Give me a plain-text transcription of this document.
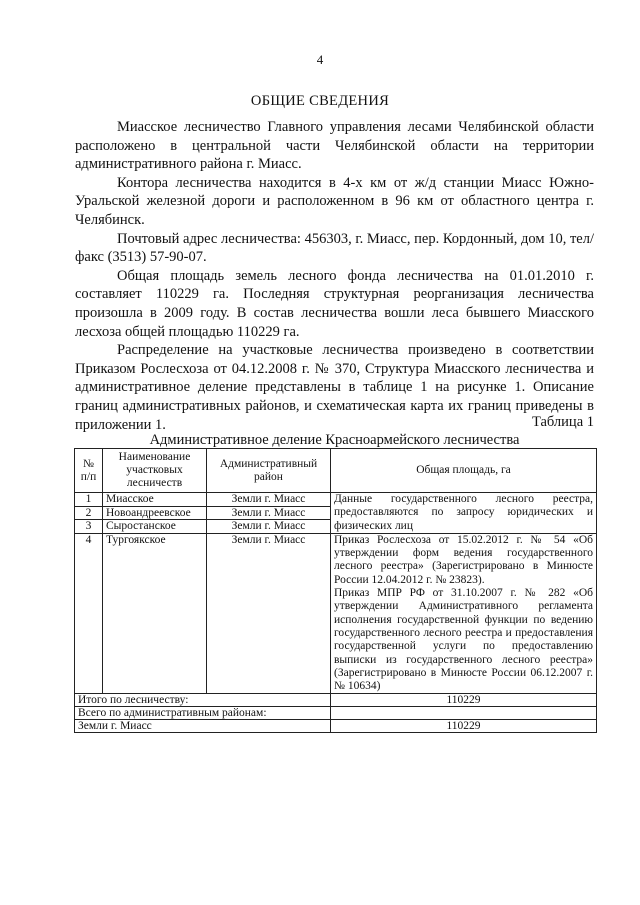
4
ОБЩИЕ СВЕДЕНИЯ

Миасское лесничество Главного управления лесами Челябинской области расположено в центральной части Челябинской области на территории административного района г. Миасс.

Контора лесничества находится в 4-х км от ж/д станции Миасс Южно-Уральской железной дороги и расположенном в 96 км от областного центра г. Челябинск.

Почтовый адрес лесничества: 456303, г. Миасс, пер. Кордонный, дом 10, тел/факс (3513) 57-90-07.

Общая площадь земель лесного фонда лесничества на 01.01.2010 г. составляет 110229 га. Последняя структурная реорганизация лесничества произошла в 2009 году. В состав лесничества вошли леса бывшего Миасского лесхоза общей площадью 110229 га.

Распределение на участковые лесничества произведено в соответствии Приказом Рослесхоза от 04.12.2008 г. № 370, Структура Миасского лесничества и административное деление представлены в таблице 1 на рисунке 1. Описание границ административных районов, и схематическая карта их границ приведены в приложении 1.	Таблица 1
Административное деление Красноармейского лесничества
№ п/п	Наименование участковых лесничеств	Административный район	Общая площадь, га
1	Миасское	Земли г. Миасс	Данные государственного лесного реестра, предоставляются по запросу юридических и физических лиц
2	Новоандреевское	Земли г. Миасс	
3	Сыростанское	Земли г. Миасс	
4	Тургоякское	Земли г. Миасс	Приказ Рослесхоза от 15.02.2012 г. № 54 «Об утверждении форм ведения государственного лесного реестра» (Зарегистрировано в Минюсте России 12.04.2012 г. № 23823).
Приказ МПР РФ от 31.10.2007 г. № 282 «Об утверждении Административного регламента исполнения государственной функции по ведению государственного лесного реестра и предоставления государственной услуги по предоставлению выписки из государственного лесного реестра» (Зарегистрировано в Минюсте России 06.12.2007 г. № 10634)

Итого по лесничеству:			110229
Всего по административным районам:			
Земли г. Миасс			110229
